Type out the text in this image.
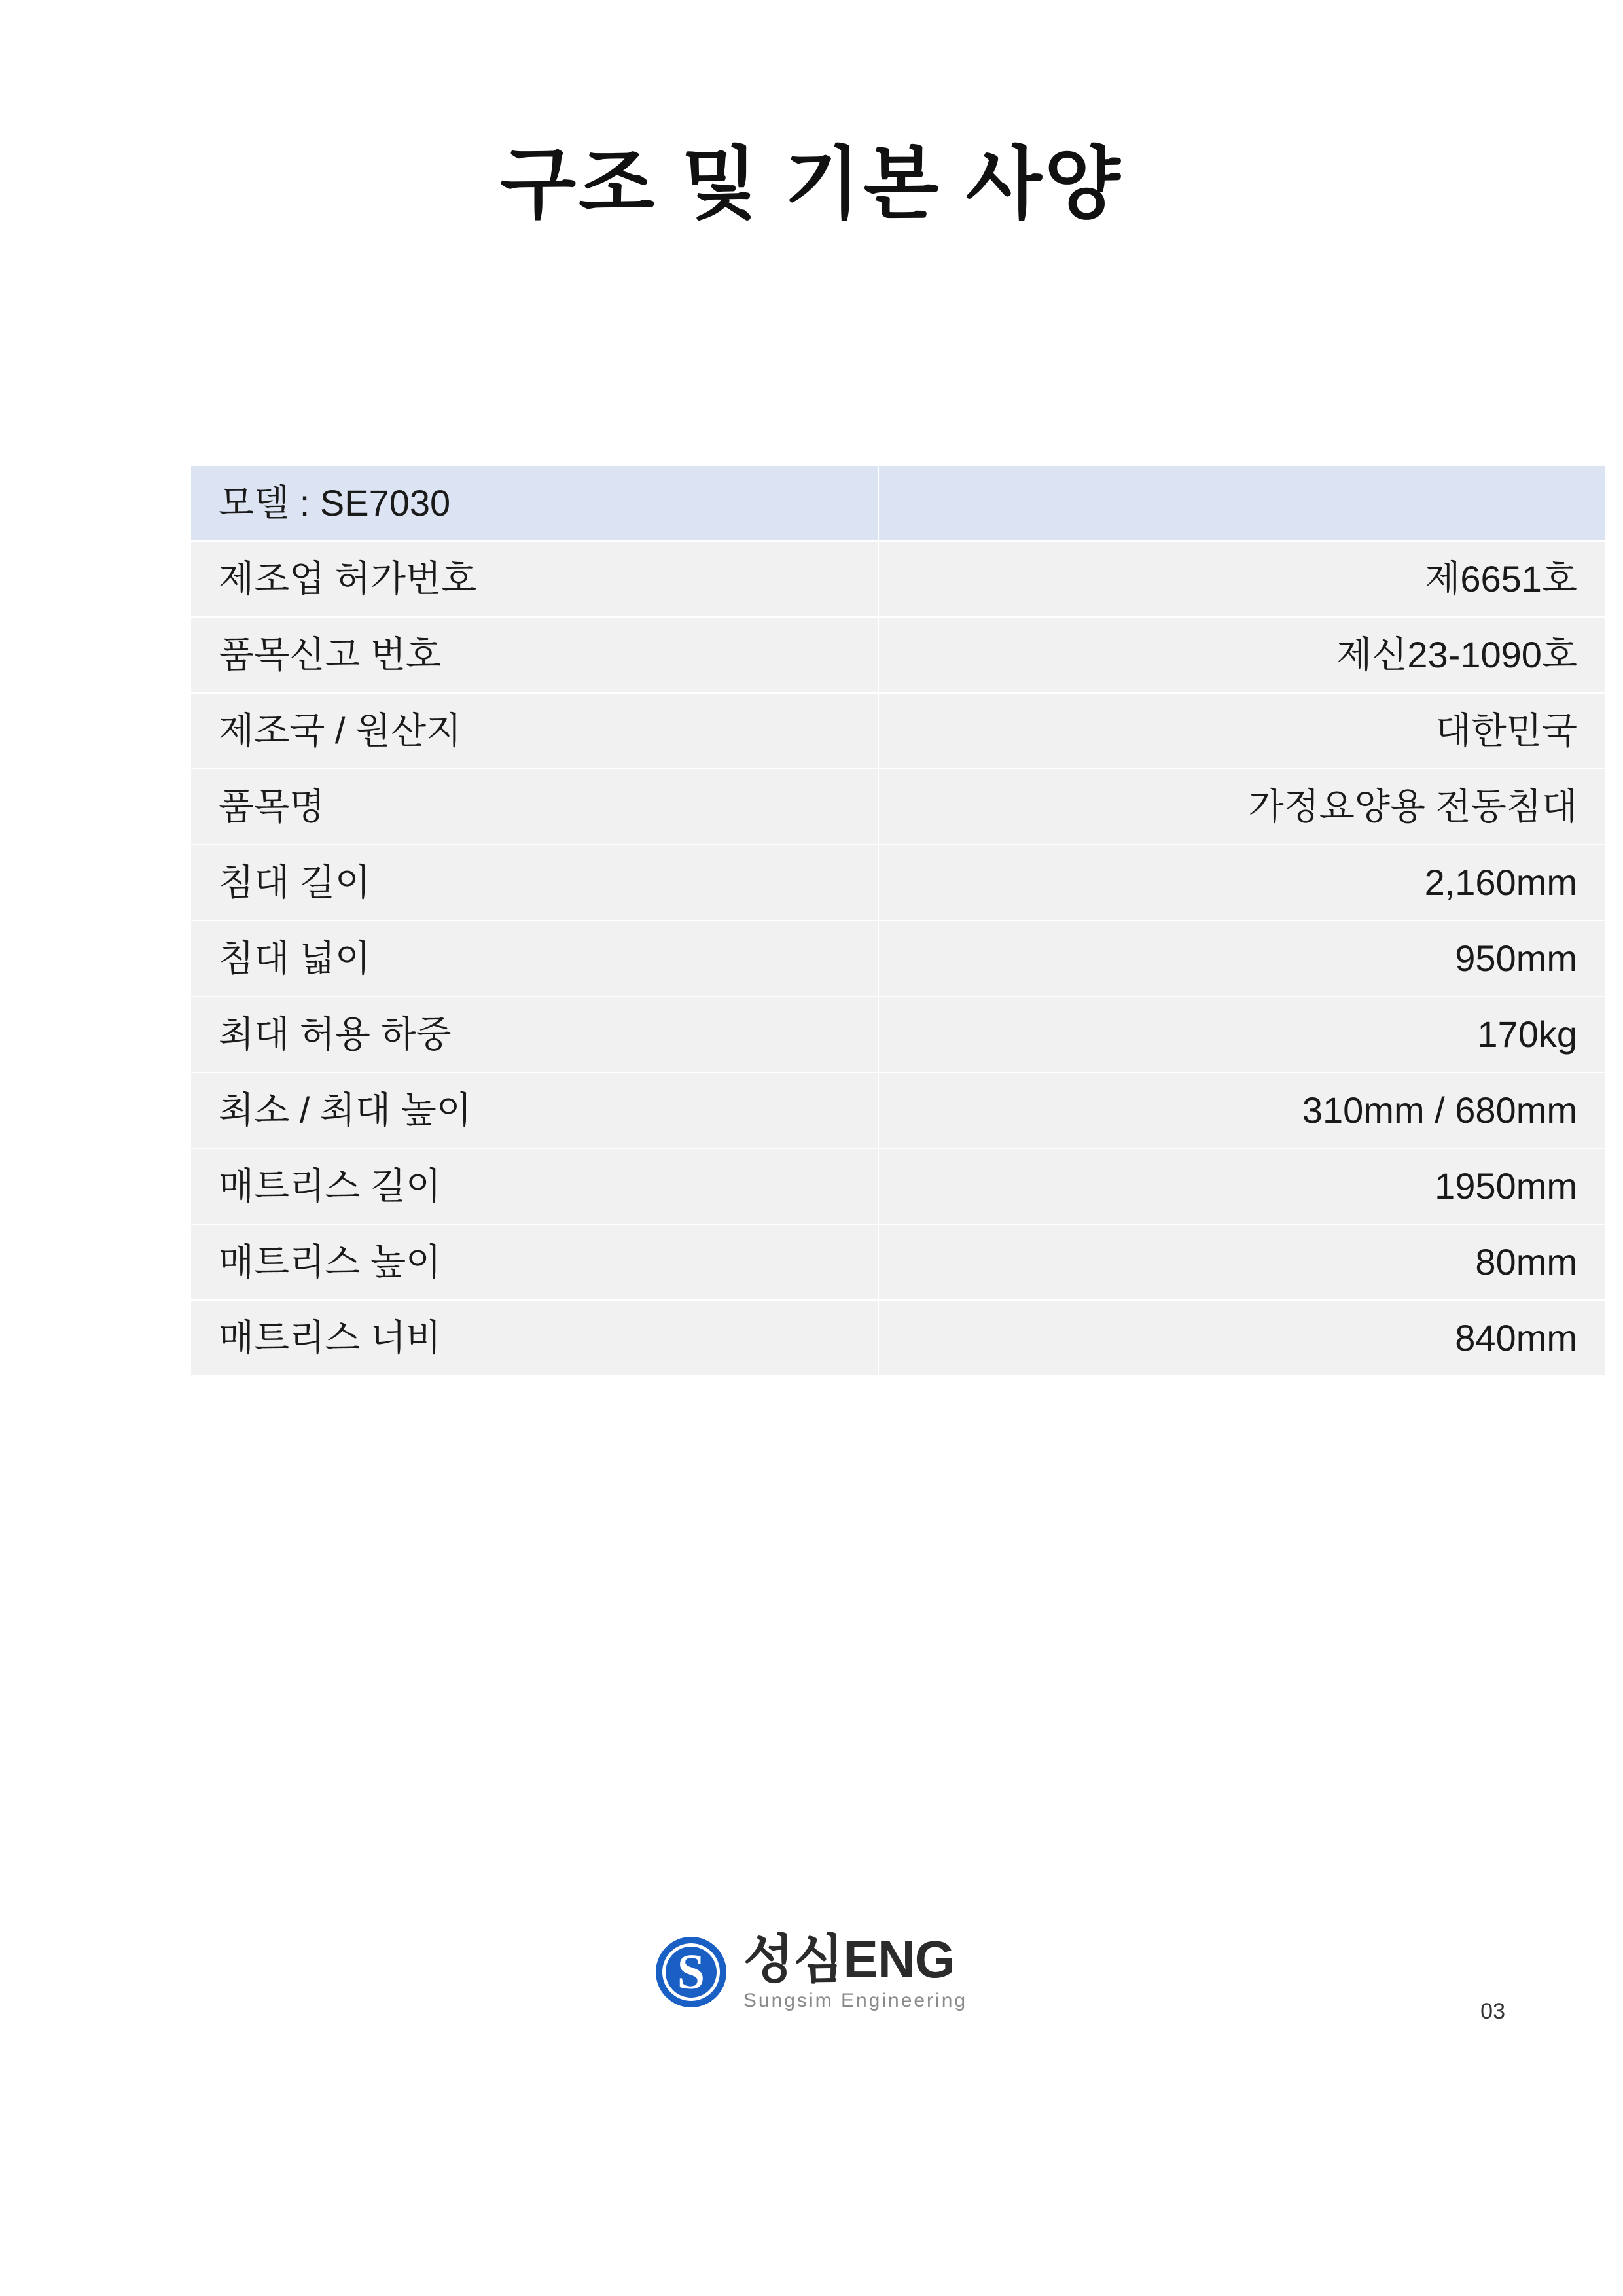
구조 및 기본 사양
모델 : SE7030	
제조업 허가번호	제6651호
품목신고 번호	제신23-1090호
제조국 / 원산지	대한민국
품목명	가정요양용 전동침대
침대 길이	2,160mm
침대 넓이	950mm
최대 허용 하중	170kg
최소 / 최대 높이	310mm / 680mm
매트리스 길이	1950mm
매트리스 높이	80mm
매트리스 너비	840mm
S 성심ENG
Sungsim Engineering	03
